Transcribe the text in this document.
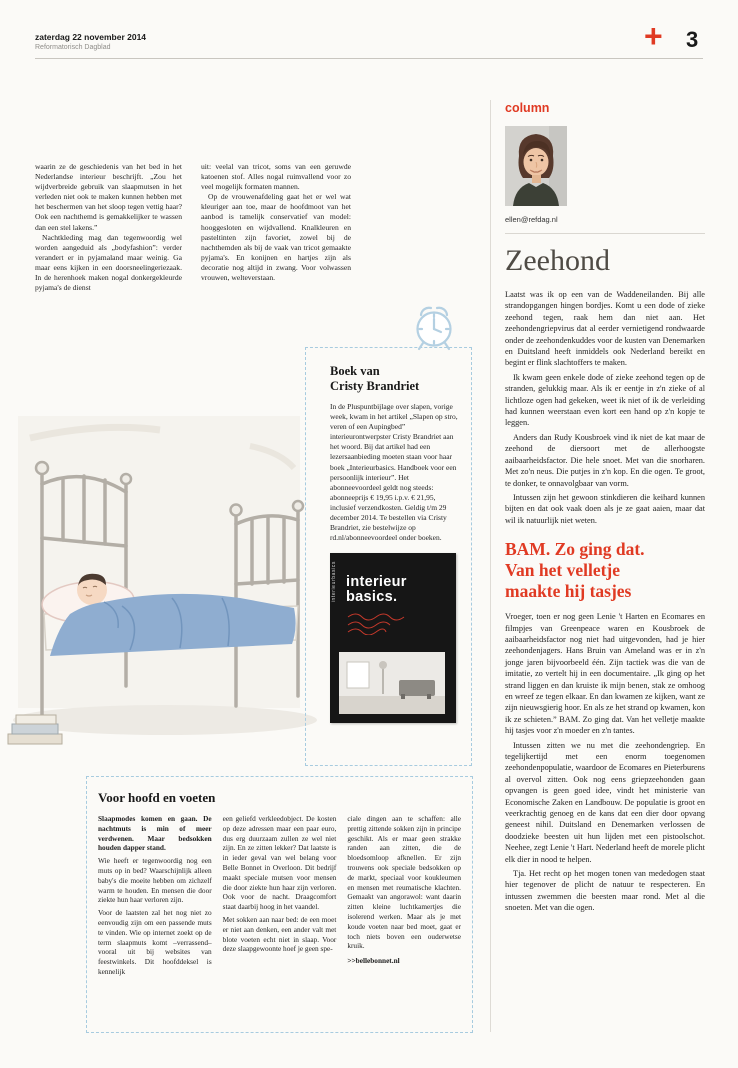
zaterdag 22 november 2014
Reformatorisch Dagblad	+ 3

waarin ze de geschiedenis van het bed in het Nederlandse interieur beschrijft. „Zou het wijdverbreide gebruik van slaapmutsen in het verleden niet ook te maken kunnen hebben met het beschermen van het sloop tegen vettig haar? Ook een nachthemd is gemakkelijker te wassen dan een stel lakens.”

Nachtkleding mag dan tegenwoordig wel worden aangeduid als „bodyfashion”: verder verandert er in pyjamaland maar weinig. Ga maar eens kijken in een doorsneelingeriezaak. In de herenhoek maken nogal donkergekleurde pyjama's de dienst

uit: veelal van tricot, soms van een geruwde katoenen stof. Alles nogal ruimvallend voor zo veel mogelijk formaten mannen.

Op de vrouwenafdeling gaat het er wel wat kleuriger aan toe, maar de hoofdmoot van het aanbod is tamelijk conservatief van model: hooggesloten en wijdvallend. Knalkleuren en pasteltinten zijn favoriet, zowel bij de nachthemden als bij de vaak van tricot gemaakte pyjama's. En konijnen en hartjes zijn als decoratie nog altijd in zwang. Voor volwassen vrouwen, welteverstaan.

Boek van
Cristy Brandriet

In de Pluspuntbijlage over slapen, vorige week, kwam in het artikel „Slapen op stro, veren of een Aupingbed” interieurontwerpster Cristy Brandriet aan het woord. Bij dat artikel had een lezersaanbieding moeten staan voor haar boek „Interieurbasics. Handboek voor een persoonlijk interieur”. Het abonneevoordeel geldt nog steeds: abonneeprijs € 19,95 i.p.v. € 21,95, inclusief verzendkosten. Geldig t/m 29 december 2014. Te bestellen via Cristy Brandriet, zie bestelwijze op rd.nl/abonneevoordeel onder boeken.

interieurbasics interieur
basics.
Voor hoofd en voeten

Slaapmodes komen en gaan. De nachtmuts is min of meer verdwenen. Maar bedsokken houden dapper stand.

Wie heeft er tegenwoordig nog een muts op in bed? Waarschijnlijk alleen baby's die moeite hebben om zichzelf warm te houden. En mensen die door ziekte hun haar verloren zijn.

Voor de laatsten zal het nog niet zo eenvoudig zijn om een passende muts te vinden. Wie op internet zoekt op de term slaapmuts komt –verrassend– vooral uit bij websites van feestwinkels. Dit hoofddeksel is kennelijk

een geliefd verkleedobject. De kosten op deze adressen maar een paar euro, dus erg duurzaam zullen ze wel niet zijn. En ze zitten lekker? Dat laatste is in ieder geval van wel belang voor Belle Bonnet in Overloon. Dit bedrijf maakt speciale mutsen voor mensen die door ziekte hun haar zijn verloren. Ook voor de nacht. Draagcomfort staat daarbij hoog in het vaandel.

Met sokken aan naar bed: de een moet er niet aan denken, een ander valt met blote voeten echt niet in slaap. Voor deze slaapgewoonte hoef je geen spe-

ciale dingen aan te schaffen: alle prettig zittende sokken zijn in principe geschikt. Als er maar geen strakke randen aan zitten, die de bloedsomloop afknellen. Er zijn trouwens ook speciale bedsokken op de markt, speciaal voor koukleumen en mensen met reumatische klachten. Gemaakt van angorawol: want daarin zitten kleine luchtkamertjes die isolerend werken. Maar als je met koude voeten naar bed moet, gaat er toch niets boven een ouderwetse kruik.

>>bellebonnet.nl

column
ellen@refdag.nl
Zeehond

Laatst was ik op een van de Waddeneilanden. Bij alle strandopgangen hingen bordjes. Komt u een dode of zieke zeehond tegen, raak hem dan niet aan. Het zeehondengriepvirus dat al eerder vernietigend rondwaarde onder de zeehondenkuddes voor de kusten van Denemarken en Duitsland heeft inmiddels ook Nederland bereikt en begint er flink slachtoffers te maken.

Ik kwam geen enkele dode of zieke zeehond tegen op de stranden, gelukkig maar. Als ik er eentje in z'n zieke of al lichtloze ogen had gekeken, weet ik niet of ik de verleiding had kunnen weerstaan even kort een hand op z'n kopje te leggen.

Anders dan Rudy Kousbroek vind ik niet de kat maar de zeehond de diersoort met de allerhoogste aaibaarheidsfactor. Die hele snoet. Met van die snorharen. Met zo'n neus. Die putjes in z'n kop. En die ogen. Te groot, te donker, te onnavolgbaar van vorm.

Intussen zijn het gewoon stinkdieren die keihard kunnen bijten en dat ook vaak doen als je ze gaat aaien, maar dat wil ik natuurlijk niet weten.

BAM. Zo ging dat.
Van het velletje
maakte hij tasjes

Vroeger, toen er nog geen Lenie 't Harten en Ecomares en filmpjes van Greenpeace waren en Kousbroek de aaibaarheidsfactor nog niet had uitgevonden, had je hier zeehondenjagers. Hans Bruin van Ameland was er in z'n jonge jaren bijvoorbeeld één. Zijn tactiek was die van de imitatie, zo vertelt hij in een documentaire. „Ik ging op het strand liggen en dan kruiste ik mijn benen, stak ze omhoog en wreef ze tegen elkaar. En dan kwamen ze kijken, want ze zijn nieuwsgierig hoor. En als ze het strand op kwamen, kon ik ze schieten.” BAM. Zo ging dat. Van het velletje maakte hij tasjes voor z'n moeder en z'n tantes.

Intussen zitten we nu met die zeehondengriep. En tegelijkertijd met een enorm toegenomen zeehondenpopulatie, waardoor de Ecomares en Pieterburens al overvol zitten. Ook nog eens griepzeehonden gaan opvangen is geen goed idee, vindt het ministerie van Economische Zaken en Landbouw. De populatie is groot en veerkrachtig genoeg en de kans dat een dier door opvang geneest nihil. Duitsland en Denemarken verlossen de doodzieke beesten uit hun lijden met een pistoolschot. Neehee, zegt Lenie 't Hart. Nederland heeft de morele plicht elk dier in nood te helpen.

Tja. Het recht op het mogen tonen van mededogen staat hier tegenover de plicht de natuur te respecteren. En intussen zwemmen die beesten maar rond. Met al die snoeten. Met van die ogen.
